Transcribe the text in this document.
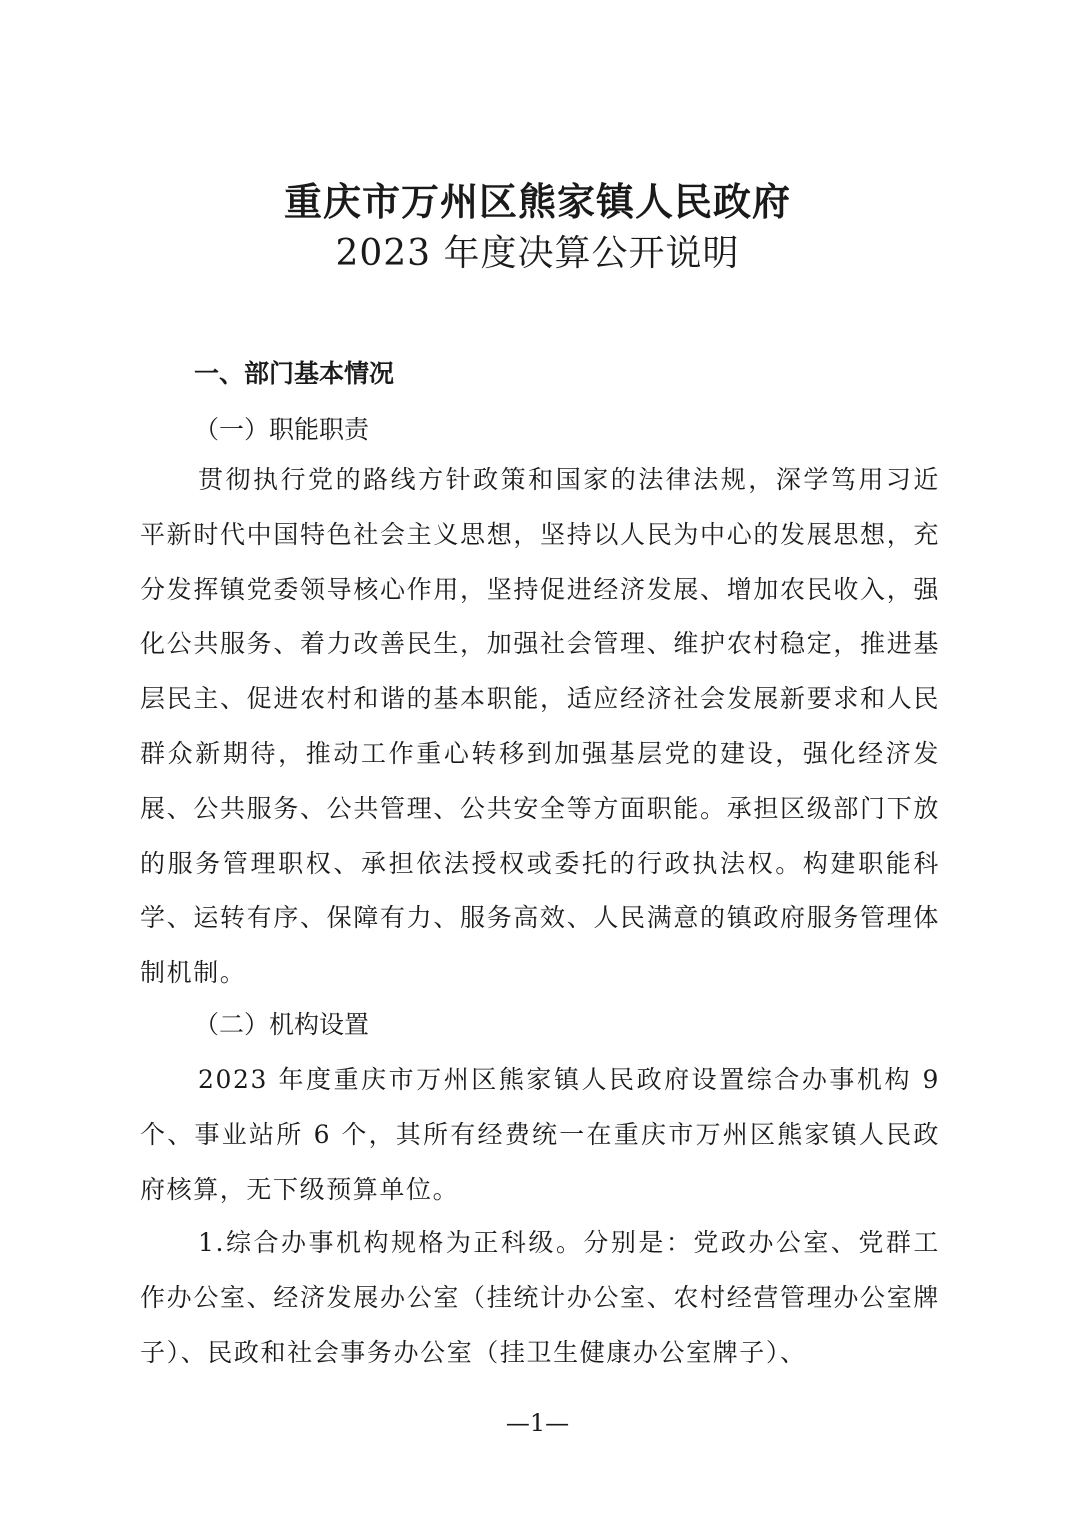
重庆市万州区熊家镇人民政府
2023 年度决算公开说明

一、部门基本情况

（一）职能职责

贯彻执行党的路线方针政策和国家的法律法规，深学笃用习近平新时代中国特色社会主义思想，坚持以人民为中心的发展思想，充分发挥镇党委领导核心作用，坚持促进经济发展、增加农民收入，强化公共服务、着力改善民生，加强社会管理、维护农村稳定，推进基层民主、促进农村和谐的基本职能，适应经济社会发展新要求和人民群众新期待，推动工作重心转移到加强基层党的建设，强化经济发展、公共服务、公共管理、公共安全等方面职能。承担区级部门下放的服务管理职权、承担依法授权或委托的行政执法权。构建职能科学、运转有序、保障有力、服务高效、人民满意的镇政府服务管理体制机制。

（二）机构设置

2023 年度重庆市万州区熊家镇人民政府设置综合办事机构 9 个、事业站所 6 个，其所有经费统一在重庆市万州区熊家镇人民政府核算，无下级预算单位。

1.综合办事机构规格为正科级。分别是：党政办公室、党群工作办公室、经济发展办公室（挂统计办公室、农村经营管理办公室牌子）、民政和社会事务办公室（挂卫生健康办公室牌子）、

—1—
